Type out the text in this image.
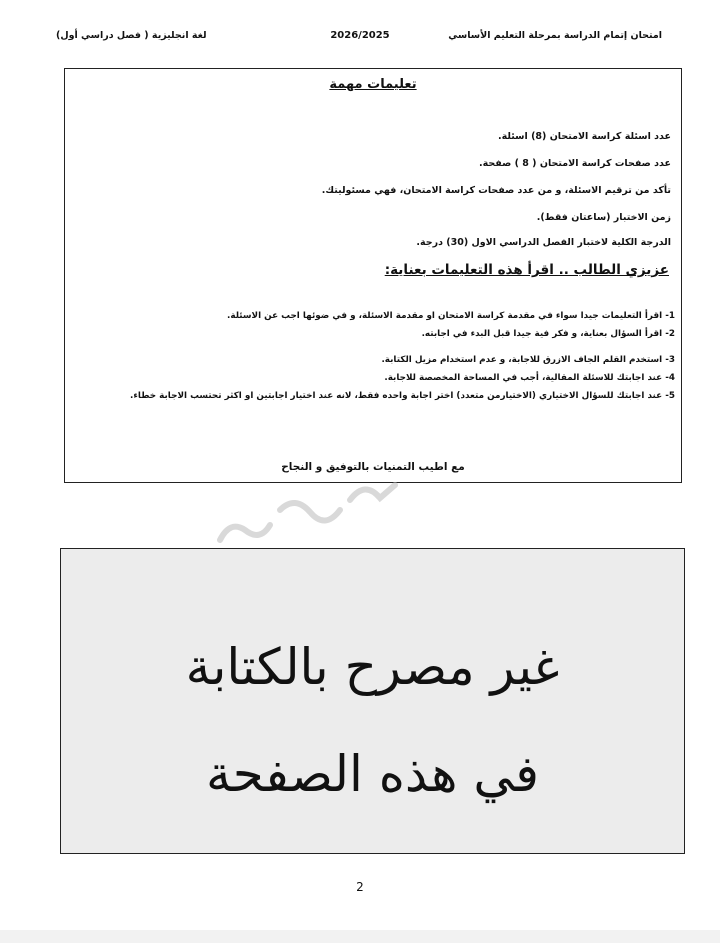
امتحان إتمام الدراسة بمرحلة التعليم الأساسي
2026/2025
لغة انجليزية ( فصل دراسي أول)
تعليمات مهمة
عدد اسئلة كراسة الامتحان (8) اسئلة.
عدد صفحات كراسة الامتحان ( 8 ) صفحة.
تأكد من ترقيم الاسئلة، و من عدد صفحات كراسة الامتحان، فهي مسئوليتك.
زمن الاختبار (ساعتان فقط).
الدرجة الكلية لاختبار الفصل الدراسي الاول (30) درجة.
عزيزي الطالب .. اقرأ هذه التعليمات بعناية:
1- اقرأ التعليمات جيدا سواء في مقدمة كراسة الامتحان او مقدمة الاسئلة، و في ضوئها اجب عن الاسئلة.
2- اقرأ السؤال بعناية، و فكر فية جيدا قبل البدء في اجابته.
3- استخدم القلم الجاف الازرق للاجابة، و عدم استخدام مزيل الكتابة.
4- عند اجابتك للاسئلة المقالية، أجب في المساحة المخصصة للاجابة.
5- عند اجابتك للسؤال الاختياري (الاختيارمن متعدد) اختر اجابة واحده فقط، لانه عند اختيار اجابتين او اكثر تحتسب الاجابة خطاء.
مع اطيب التمنيات بالتوفيق و النجاح
غير مصرح بالكتابة
في هذه الصفحة
2
